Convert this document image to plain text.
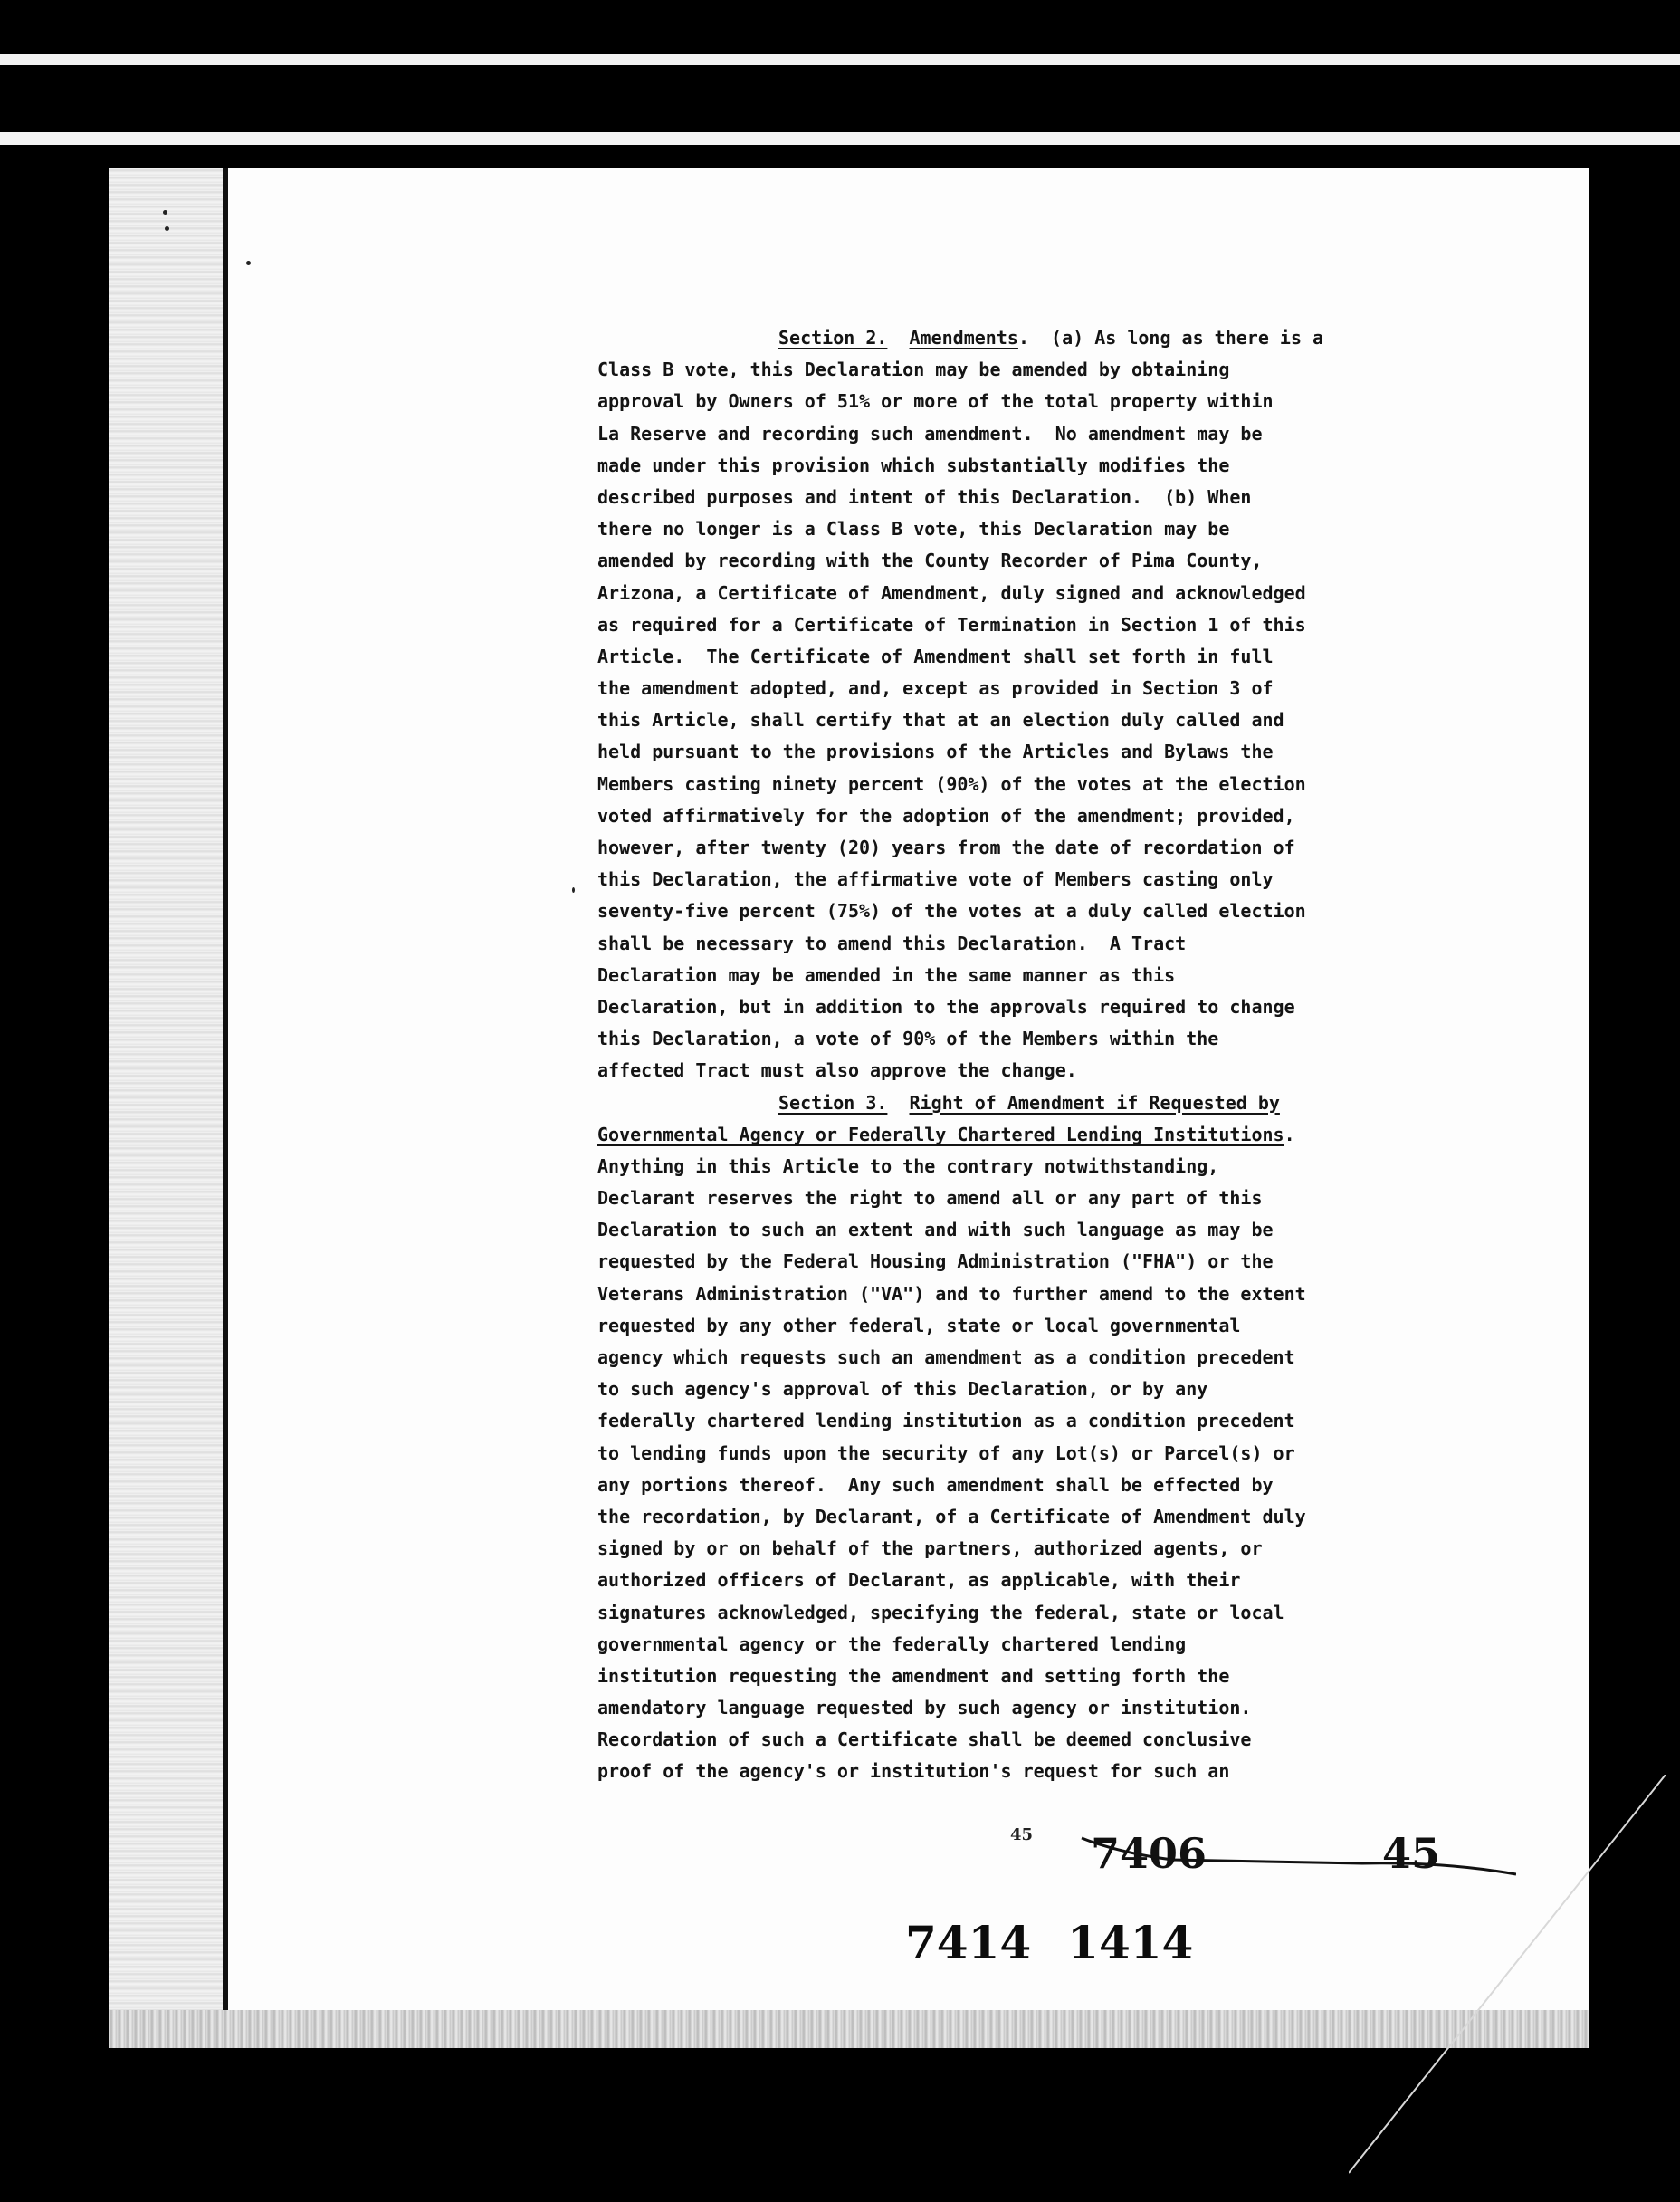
Section 2. Amendments.  (a) As long as there is a
Class B vote, this Declaration may be amended by obtaining
approval by Owners of 51% or more of the total property within
La Reserve and recording such amendment.  No amendment may be
made under this provision which substantially modifies the
described purposes and intent of this Declaration.  (b) When
there no longer is a Class B vote, this Declaration may be
amended by recording with the County Recorder of Pima County,
Arizona, a Certificate of Amendment, duly signed and acknowledged
as required for a Certificate of Termination in Section 1 of this
Article.  The Certificate of Amendment shall set forth in full
the amendment adopted, and, except as provided in Section 3 of
this Article, shall certify that at an election duly called and
held pursuant to the provisions of the Articles and Bylaws the
Members casting ninety percent (90%) of the votes at the election
voted affirmatively for the adoption of the amendment; provided,
however, after twenty (20) years from the date of recordation of
this Declaration, the affirmative vote of Members casting only
seventy-five percent (75%) of the votes at a duly called election
shall be necessary to amend this Declaration.  A Tract
Declaration may be amended in the same manner as this
Declaration, but in addition to the approvals required to change
this Declaration, a vote of 90% of the Members within the
affected Tract must also approve the change.
Section 3. Right of Amendment if Requested by
Governmental Agency or Federally Chartered Lending Institutions.
Anything in this Article to the contrary notwithstanding,
Declarant reserves the right to amend all or any part of this
Declaration to such an extent and with such language as may be
requested by the Federal Housing Administration ("FHA") or the
Veterans Administration ("VA") and to further amend to the extent
requested by any other federal, state or local governmental
agency which requests such an amendment as a condition precedent
to such agency's approval of this Declaration, or by any
federally chartered lending institution as a condition precedent
to lending funds upon the security of any Lot(s) or Parcel(s) or
any portions thereof.  Any such amendment shall be effected by
the recordation, by Declarant, of a Certificate of Amendment duly
signed by or on behalf of the partners, authorized agents, or
authorized officers of Declarant, as applicable, with their
signatures acknowledged, specifying the federal, state or local
governmental agency or the federally chartered lending
institution requesting the amendment and setting forth the
amendatory language requested by such agency or institution.
Recordation of such a Certificate shall be deemed conclusive
proof of the agency's or institution's request for such an
45 7406	45
7414 1414
